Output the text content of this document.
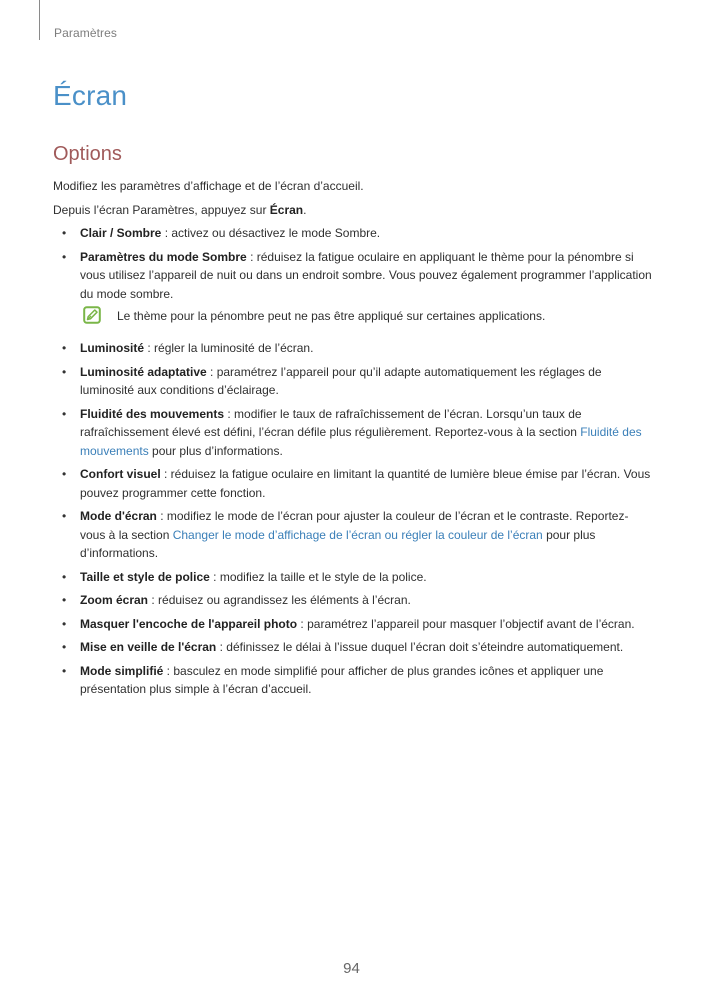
Paramètres
Écran
Options

Modifiez les paramètres d’affichage et de l’écran d’accueil.

Depuis l’écran Paramètres, appuyez sur Écran.

• Clair / Sombre : activez ou désactivez le mode Sombre.
• Paramètres du mode Sombre : réduisez la fatigue oculaire en appliquant le thème pour la pénombre si vous utilisez l’appareil de nuit ou dans un endroit sombre. Vous pouvez également programmer l’application du mode sombre.
Le thème pour la pénombre peut ne pas être appliqué sur certaines applications.
• Luminosité : régler la luminosité de l’écran.
• Luminosité adaptative : paramétrez l’appareil pour qu’il adapte automatiquement les réglages de luminosité aux conditions d’éclairage.
• Fluidité des mouvements : modifier le taux de rafraîchissement de l’écran. Lorsqu’un taux de rafraîchissement élevé est défini, l’écran défile plus régulièrement. Reportez-vous à la section Fluidité des mouvements pour plus d’informations.
• Confort visuel : réduisez la fatigue oculaire en limitant la quantité de lumière bleue émise par l’écran. Vous pouvez programmer cette fonction.
• Mode d'écran : modifiez le mode de l’écran pour ajuster la couleur de l’écran et le contraste. Reportez-vous à la section Changer le mode d’affichage de l’écran ou régler la couleur de l’écran pour plus d’informations.
• Taille et style de police : modifiez la taille et le style de la police.
• Zoom écran : réduisez ou agrandissez les éléments à l’écran.
• Masquer l'encoche de l'appareil photo : paramétrez l’appareil pour masquer l’objectif avant de l’écran.
• Mise en veille de l'écran : définissez le délai à l’issue duquel l’écran doit s’éteindre automatiquement.
• Mode simplifié : basculez en mode simplifié pour afficher de plus grandes icônes et appliquer une présentation plus simple à l’écran d’accueil.
94
